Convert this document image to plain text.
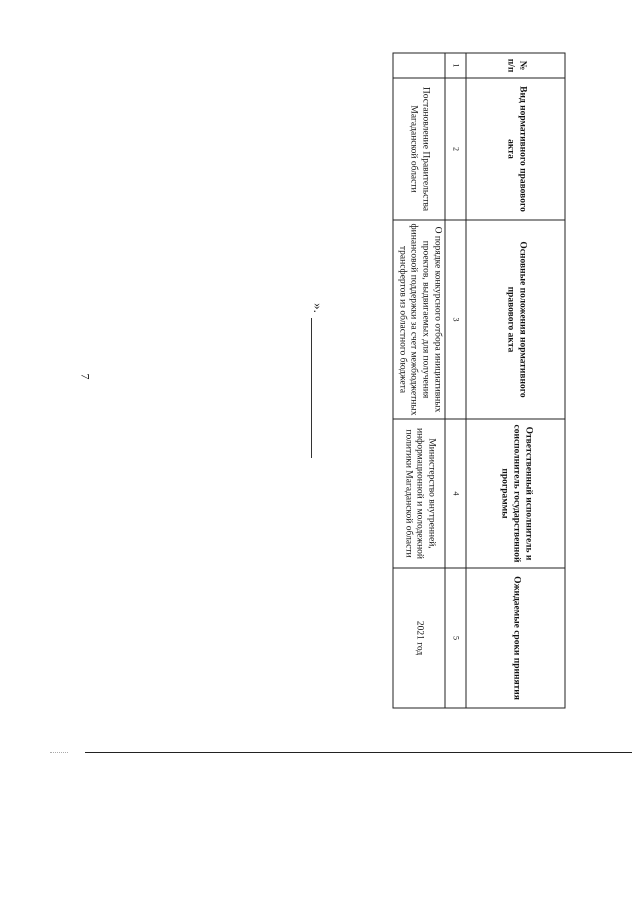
7
№ п/п	Вид нормативного правового акта	Основные положения нормативного правового акта	Ответственный исполнитель и соисполнитель государственной программы	Ожидаемые сроки принятия
1	2	3	4	5
	Постановление Правительства Магаданской области	О порядке конкурсного отбора инициативных проектов, выдвигаемых для получения финансовой поддержки за счет межбюджетных трансфертов из областного бюджета	Министерство внутренней, информационной и молодежной политики Магаданской области	2021 год
».
